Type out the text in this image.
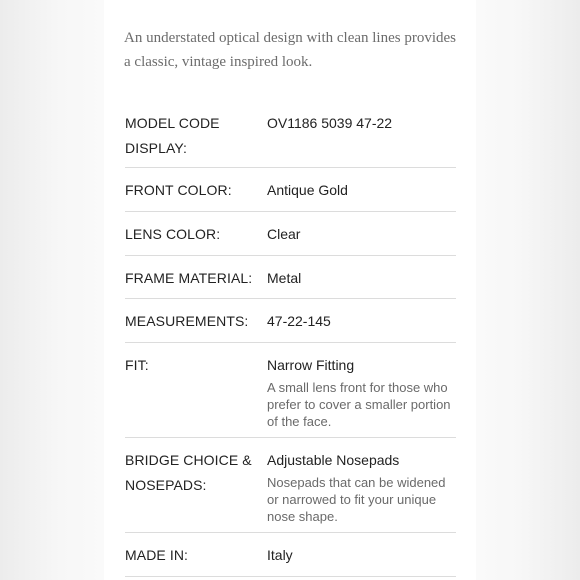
An understated optical design with clean lines provides a classic, vintage inspired look.

MODEL CODE DISPLAY:
OV1186 5039 47-22
FRONT COLOR:	Antique Gold
LENS COLOR:	Clear
FRAME MATERIAL:	Metal
MEASUREMENTS:	47-22-145
FIT:	Narrow Fitting
A small lens front for those who prefer to cover a smaller portion of the face.
BRIDGE CHOICE & NOSEPADS:
Adjustable Nosepads
Nosepads that can be widened or narrowed to fit your unique nose shape.
MADE IN:	Italy
